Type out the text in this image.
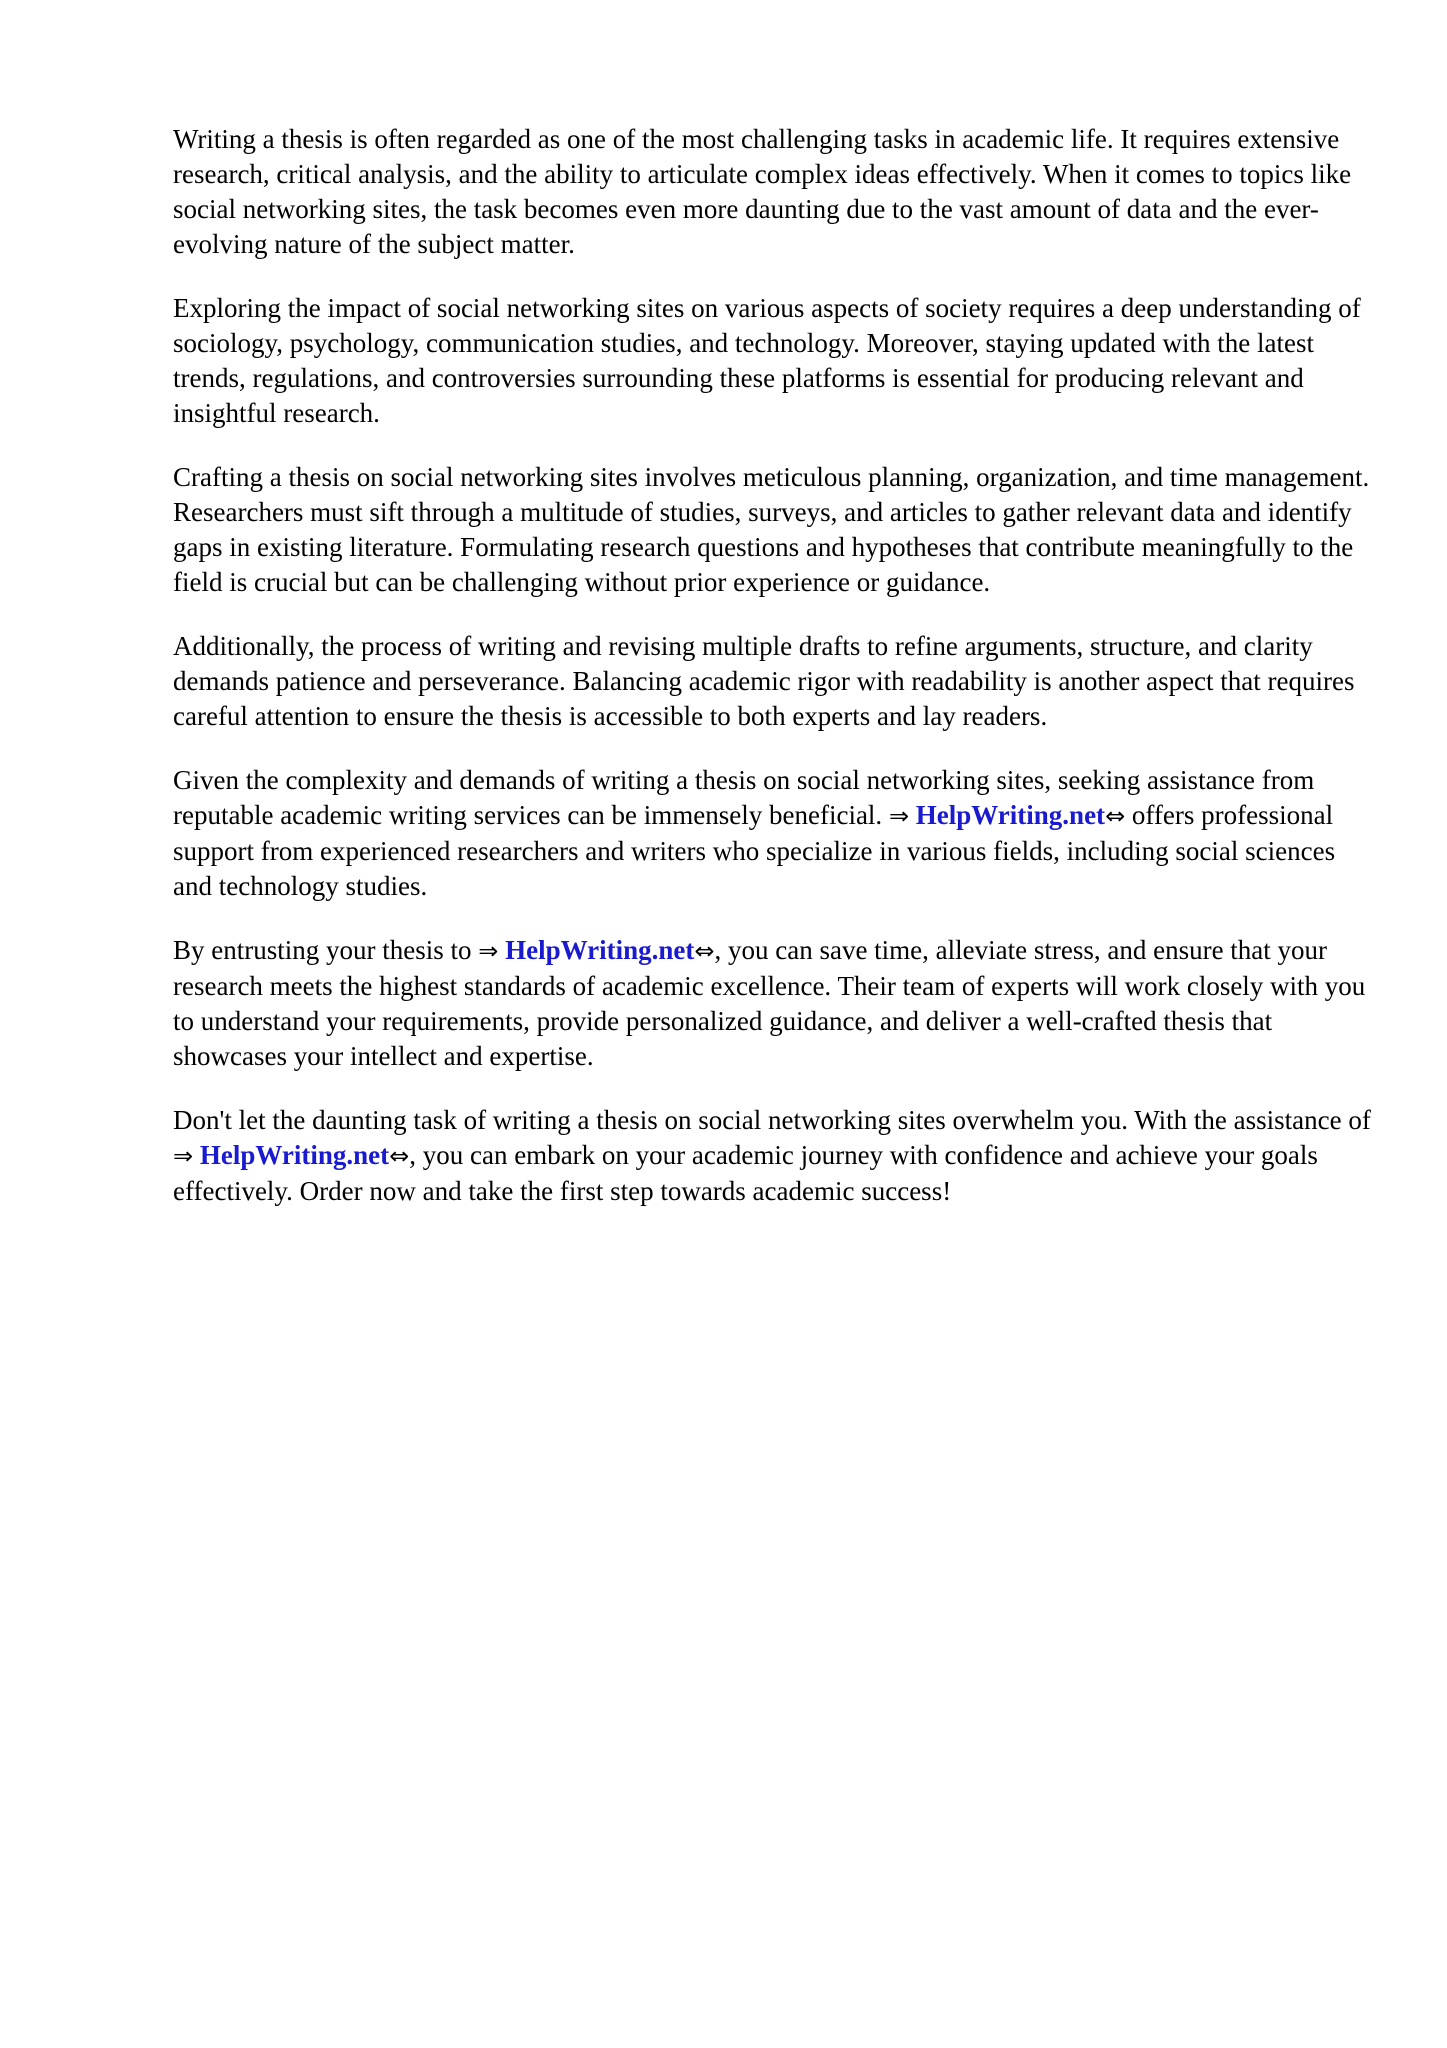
Writing a thesis is often regarded as one of the most challenging tasks in academic life. It requires extensive research, critical analysis, and the ability to articulate complex ideas effectively. When it comes to topics like social networking sites, the task becomes even more daunting due to the vast amount of data and the ever-evolving nature of the subject matter.

Exploring the impact of social networking sites on various aspects of society requires a deep understanding of sociology, psychology, communication studies, and technology. Moreover, staying updated with the latest trends, regulations, and controversies surrounding these platforms is essential for producing relevant and insightful research.

Crafting a thesis on social networking sites involves meticulous planning, organization, and time management. Researchers must sift through a multitude of studies, surveys, and articles to gather relevant data and identify gaps in existing literature. Formulating research questions and hypotheses that contribute meaningfully to the field is crucial but can be challenging without prior experience or guidance.

Additionally, the process of writing and revising multiple drafts to refine arguments, structure, and clarity demands patience and perseverance. Balancing academic rigor with readability is another aspect that requires careful attention to ensure the thesis is accessible to both experts and lay readers.

Given the complexity and demands of writing a thesis on social networking sites, seeking assistance from reputable academic writing services can be immensely beneficial. ⇒ HelpWriting.net⇔ offers professional support from experienced researchers and writers who specialize in various fields, including social sciences and technology studies.

By entrusting your thesis to ⇒ HelpWriting.net⇔, you can save time, alleviate stress, and ensure that your research meets the highest standards of academic excellence. Their team of experts will work closely with you to understand your requirements, provide personalized guidance, and deliver a well-crafted thesis that showcases your intellect and expertise.

Don't let the daunting task of writing a thesis on social networking sites overwhelm you. With the assistance of ⇒ HelpWriting.net⇔, you can embark on your academic journey with confidence and achieve your goals effectively. Order now and take the first step towards academic success!
